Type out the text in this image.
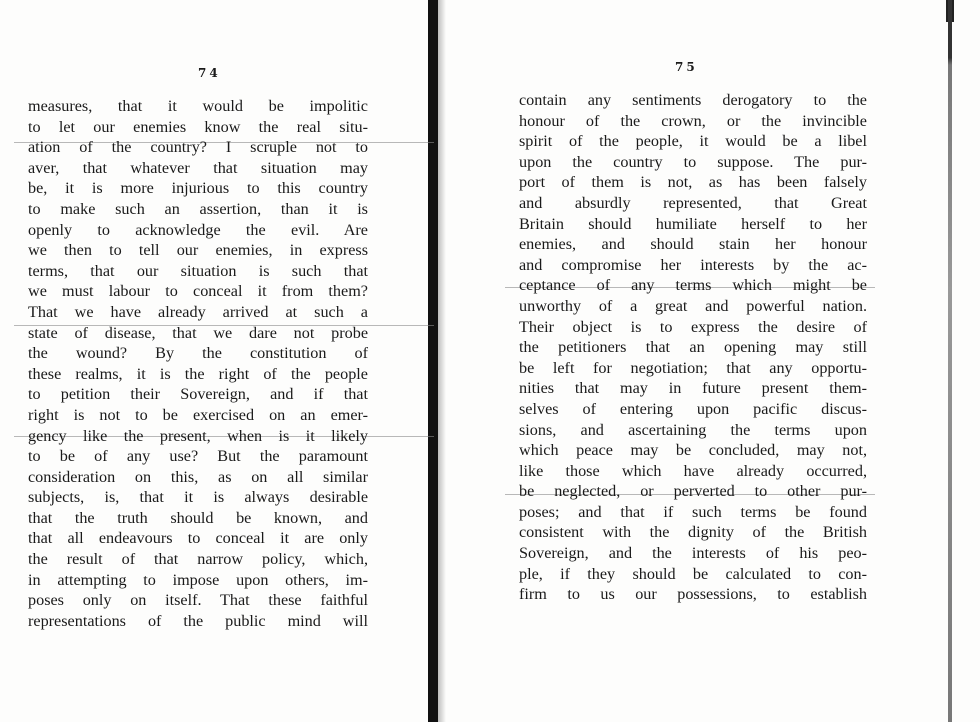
74
measures, that it would be impolitic
to let our enemies know the real situ-
ation of the country? I scruple not to
aver, that whatever that situation may
be, it is more injurious to this country
to make such an assertion, than it is
openly to acknowledge the evil. Are
we then to tell our enemies, in express
terms, that our situation is such that
we must labour to conceal it from them?
That we have already arrived at such a
state of disease, that we dare not probe
the wound? By the constitution of
these realms, it is the right of the people
to petition their Sovereign, and if that
right is not to be exercised on an emer-
gency like the present, when is it likely
to be of any use? But the paramount
consideration on this, as on all similar
subjects, is, that it is always desirable
that the truth should be known, and
that all endeavours to conceal it are only
the result of that narrow policy, which,
in attempting to impose upon others, im-
poses only on itself. That these faithful
representations of the public mind will
75
contain any sentiments derogatory to the
honour of the crown, or the invincible
spirit of the people, it would be a libel
upon the country to suppose. The pur-
port of them is not, as has been falsely
and absurdly represented, that Great
Britain should humiliate herself to her
enemies, and should stain her honour
and compromise her interests by the ac-
ceptance of any terms which might be
unworthy of a great and powerful nation.
Their object is to express the desire of
the petitioners that an opening may still
be left for negotiation; that any opportu-
nities that may in future present them-
selves of entering upon pacific discus-
sions, and ascertaining the terms upon
which peace may be concluded, may not,
like those which have already occurred,
be neglected, or perverted to other pur-
poses; and that if such terms be found
consistent with the dignity of the British
Sovereign, and the interests of his peo-
ple, if they should be calculated to con-
firm to us our possessions, to establish
